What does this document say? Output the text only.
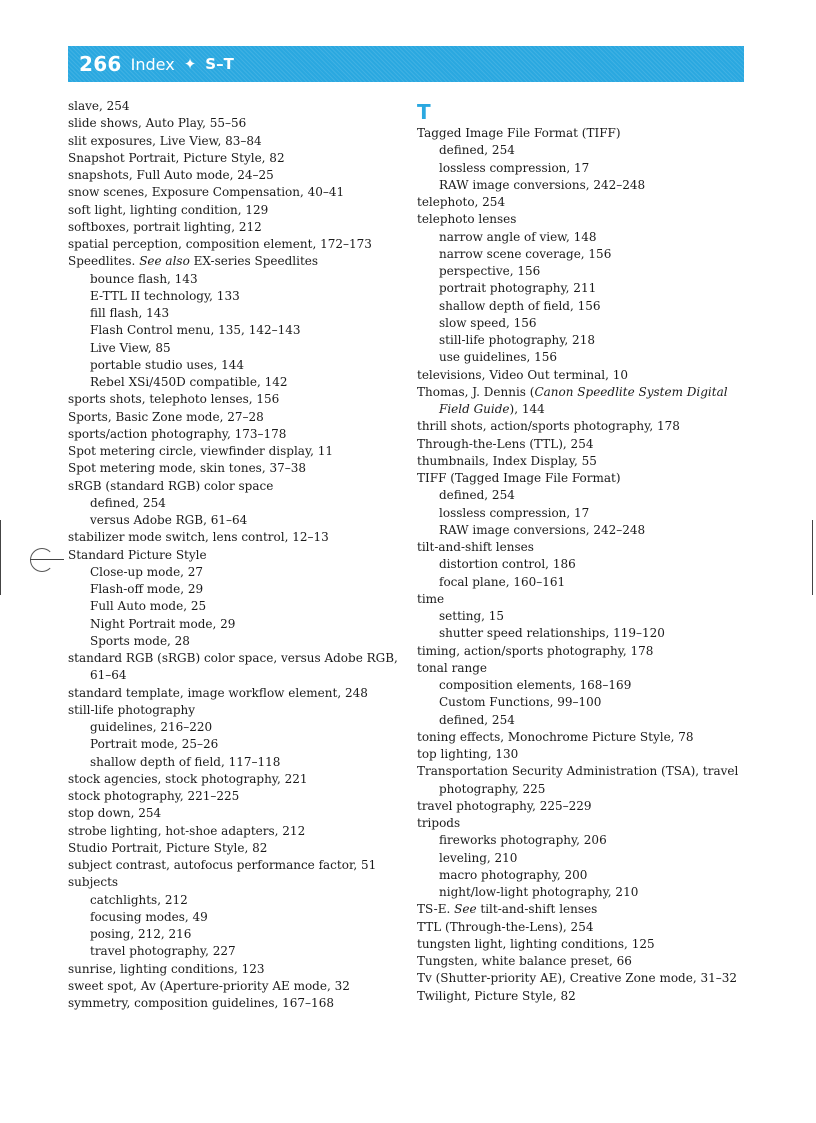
266 Index ✦ S–T
slave, 254
slide shows, Auto Play, 55–56
slit exposures, Live View, 83–84
Snapshot Portrait, Picture Style, 82
snapshots, Full Auto mode, 24–25
snow scenes, Exposure Compensation, 40–41
soft light, lighting condition, 129
softboxes, portrait lighting, 212
spatial perception, composition element, 172–173
Speedlites. See also EX-series Speedlites
bounce flash, 143
E-TTL II technology, 133
fill flash, 143
Flash Control menu, 135, 142–143
Live View, 85
portable studio uses, 144
Rebel XSi/450D compatible, 142
sports shots, telephoto lenses, 156
Sports, Basic Zone mode, 27–28
sports/action photography, 173–178
Spot metering circle, viewfinder display, 11
Spot metering mode, skin tones, 37–38
sRGB (standard RGB) color space
defined, 254
versus Adobe RGB, 61–64
stabilizer mode switch, lens control, 12–13
Standard Picture Style
Close-up mode, 27
Flash-off mode, 29
Full Auto mode, 25
Night Portrait mode, 29
Sports mode, 28
standard RGB (sRGB) color space, versus Adobe RGB, 61–64
standard template, image workflow element, 248
still-life photography
guidelines, 216–220
Portrait mode, 25–26
shallow depth of field, 117–118
stock agencies, stock photography, 221
stock photography, 221–225
stop down, 254
strobe lighting, hot-shoe adapters, 212
Studio Portrait, Picture Style, 82
subject contrast, autofocus performance factor, 51
subjects
catchlights, 212
focusing modes, 49
posing, 212, 216
travel photography, 227
sunrise, lighting conditions, 123
sweet spot, Av (Aperture-priority AE mode, 32
symmetry, composition guidelines, 167–168
T
Tagged Image File Format (TIFF)
defined, 254
lossless compression, 17
RAW image conversions, 242–248
telephoto, 254
telephoto lenses
narrow angle of view, 148
narrow scene coverage, 156
perspective, 156
portrait photography, 211
shallow depth of field, 156
slow speed, 156
still-life photography, 218
use guidelines, 156
televisions, Video Out terminal, 10
Thomas, J. Dennis (Canon Speedlite System Digital Field Guide), 144
thrill shots, action/sports photography, 178
Through-the-Lens (TTL), 254
thumbnails, Index Display, 55
TIFF (Tagged Image File Format)
defined, 254
lossless compression, 17
RAW image conversions, 242–248
tilt-and-shift lenses
distortion control, 186
focal plane, 160–161
time
setting, 15
shutter speed relationships, 119–120
timing, action/sports photography, 178
tonal range
composition elements, 168–169
Custom Functions, 99–100
defined, 254
toning effects, Monochrome Picture Style, 78
top lighting, 130
Transportation Security Administration (TSA), travel photography, 225
travel photography, 225–229
tripods
fireworks photography, 206
leveling, 210
macro photography, 200
night/low-light photography, 210
TS-E. See tilt-and-shift lenses
TTL (Through-the-Lens), 254
tungsten light, lighting conditions, 125
Tungsten, white balance preset, 66
Tv (Shutter-priority AE), Creative Zone mode, 31–32
Twilight, Picture Style, 82
